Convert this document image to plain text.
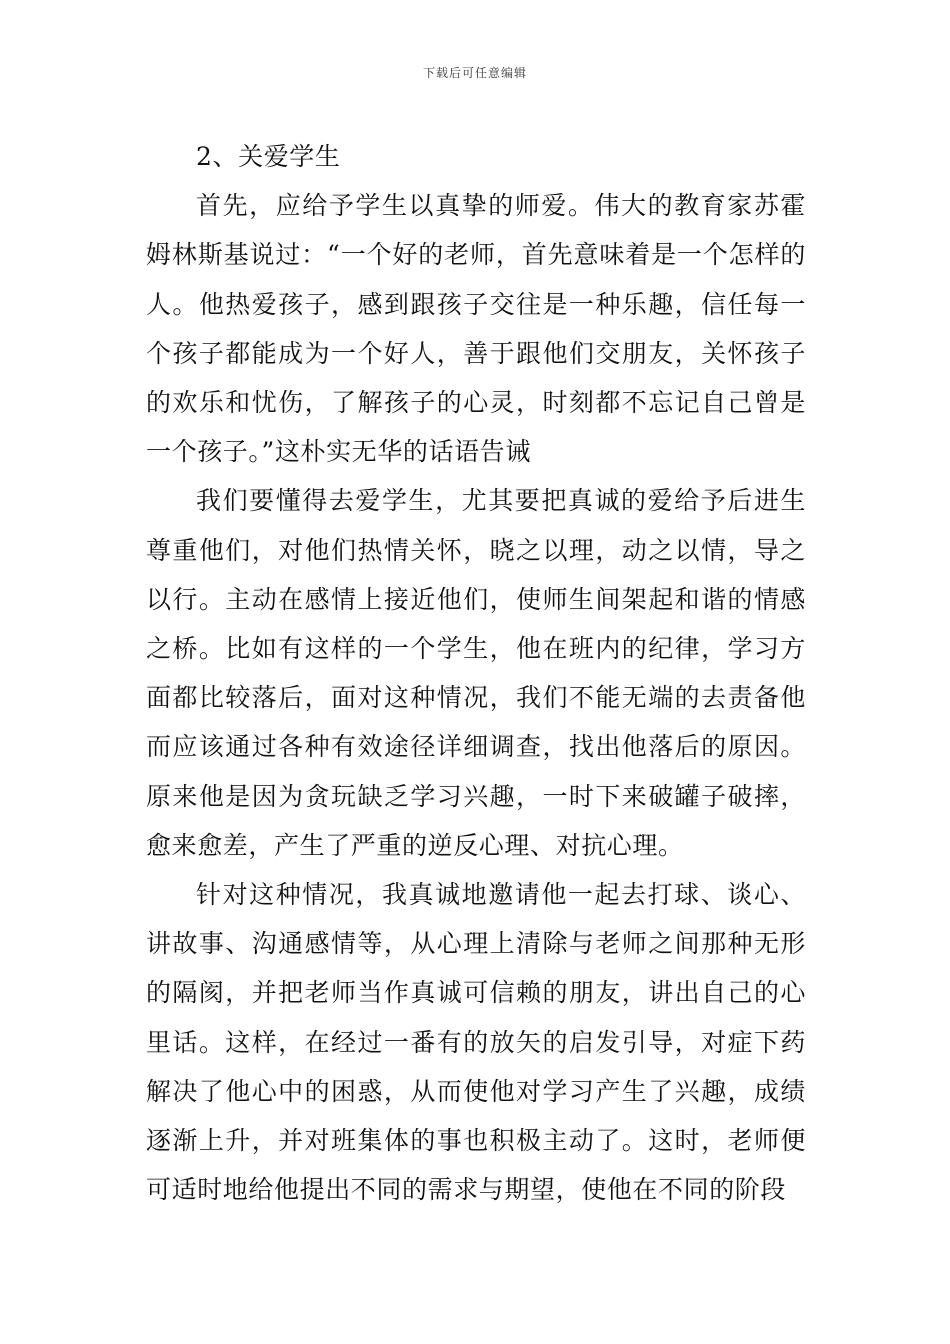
下载后可任意编辑

2、关爱学生

首先，应给予学生以真挚的师爱。伟大的教育家苏霍姆林斯基说过：“一个好的老师，首先意味着是一个怎样的人。他热爱孩子，感到跟孩子交往是一种乐趣，信任每一个孩子都能成为一个好人，善于跟他们交朋友，关怀孩子的欢乐和忧伤，了解孩子的心灵，时刻都不忘记自己曾是一个孩子。”这朴实无华的话语告诫

我们要懂得去爱学生，尤其要把真诚的爱给予后进生尊重他们，对他们热情关怀，晓之以理，动之以情，导之以行。主动在感情上接近他们，使师生间架起和谐的情感之桥。比如有这样的一个学生，他在班内的纪律，学习方面都比较落后，面对这种情况，我们不能无端的去责备他而应该通过各种有效途径详细调查，找出他落后的原因。原来他是因为贪玩缺乏学习兴趣，一时下来破罐子破摔，愈来愈差，产生了严重的逆反心理、对抗心理。

针对这种情况，我真诚地邀请他一起去打球、谈心、讲故事、沟通感情等，从心理上清除与老师之间那种无形的隔阂，并把老师当作真诚可信赖的朋友，讲出自己的心里话。这样，在经过一番有的放矢的启发引导，对症下药解决了他心中的困惑，从而使他对学习产生了兴趣，成绩逐渐上升，并对班集体的事也积极主动了。这时，老师便可适时地给他提出不同的需求与期望，使他在不同的阶段
